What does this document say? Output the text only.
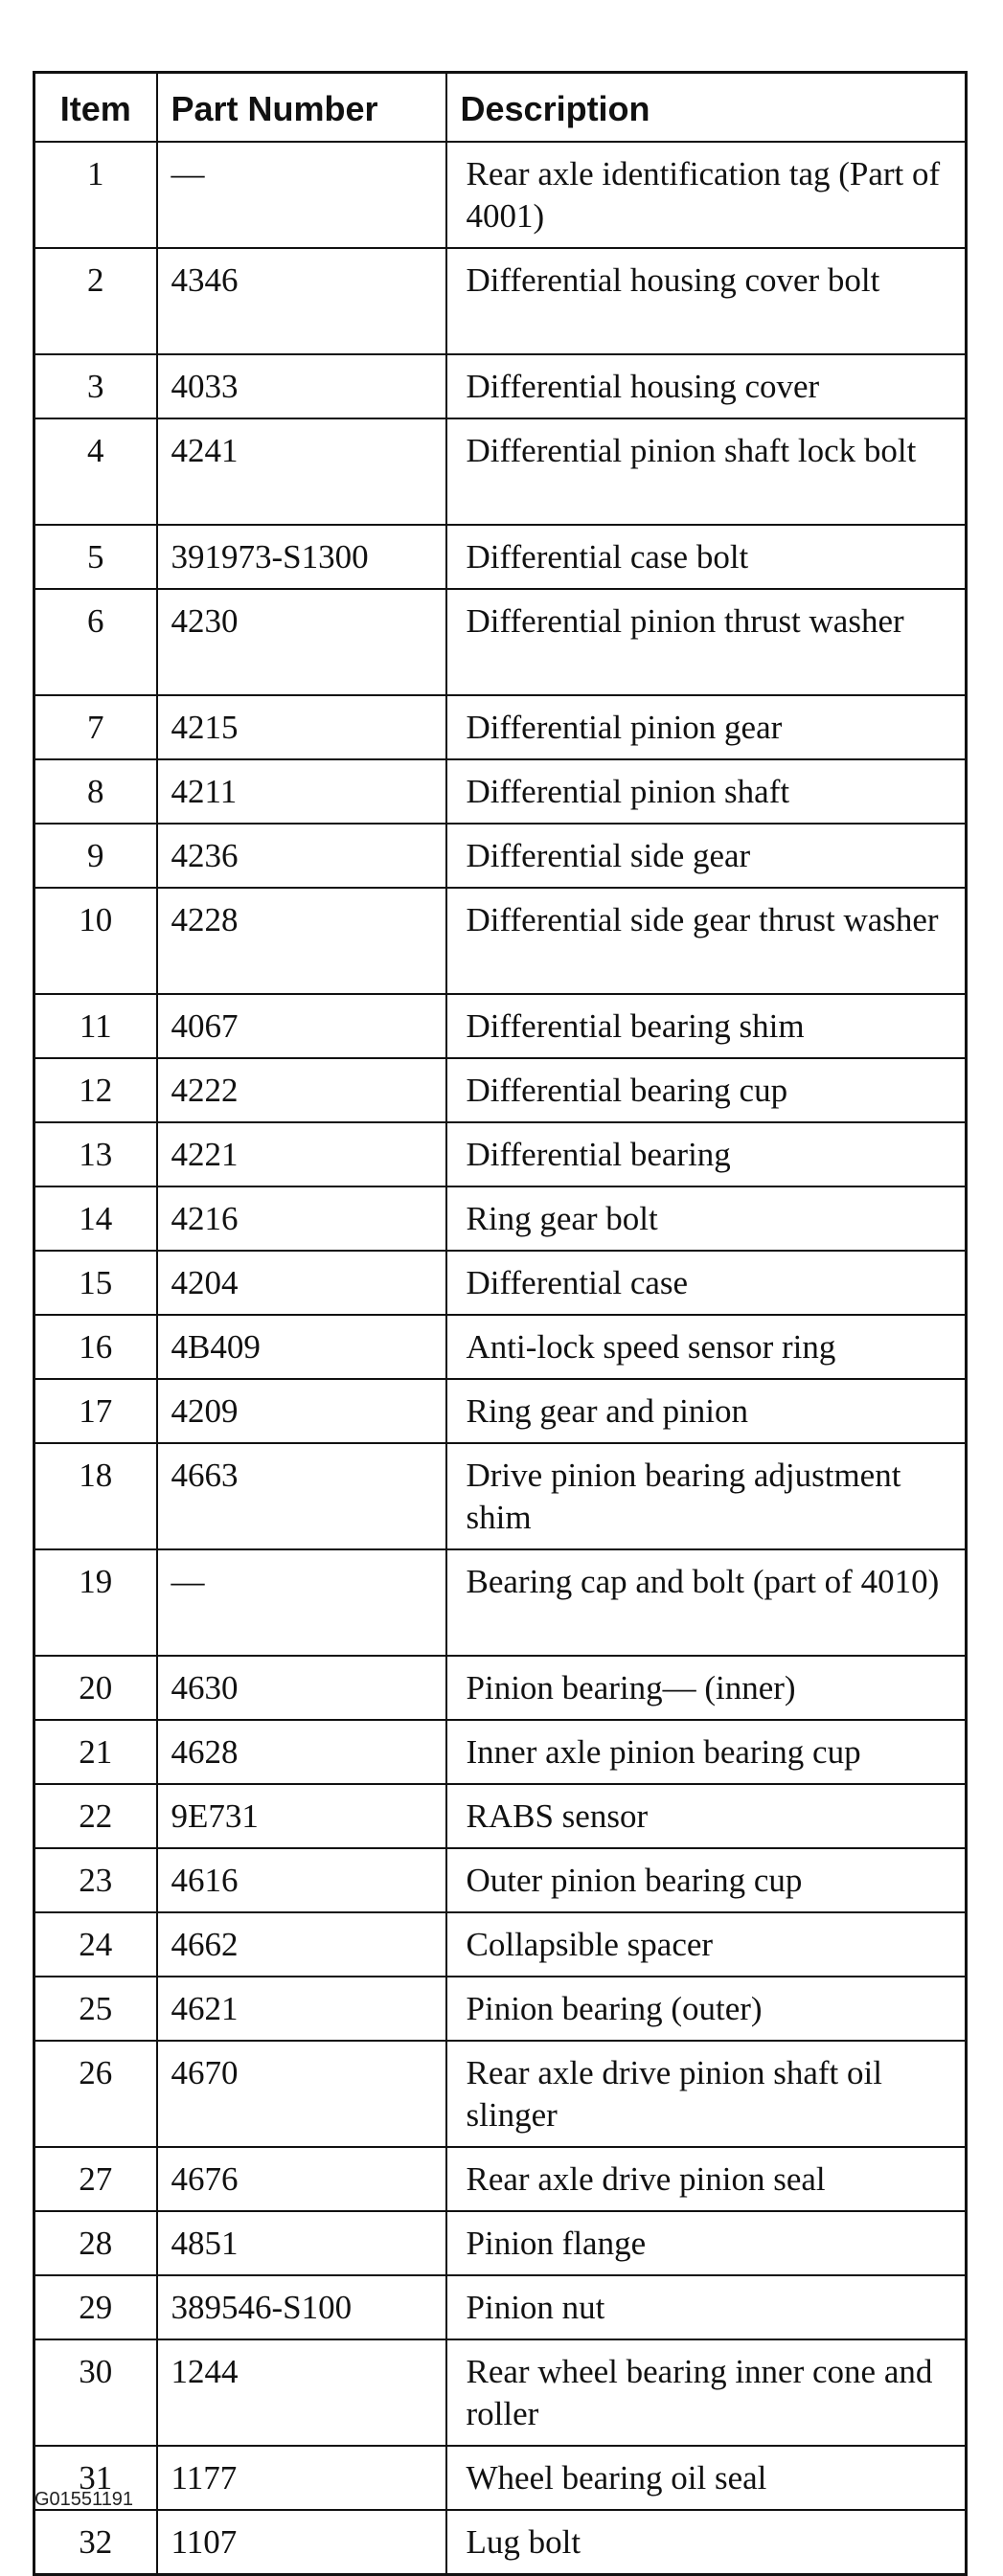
Item	Part Number	Description
1	—	Rear axle identification tag (Part of 4001)
2	4346	Differential housing cover bolt
3	4033	Differential housing cover
4	4241	Differential pinion shaft lock bolt
5	391973-S1300	Differential case bolt
6	4230	Differential pinion thrust washer
7	4215	Differential pinion gear
8	4211	Differential pinion shaft
9	4236	Differential side gear
10	4228	Differential side gear thrust washer
11	4067	Differential bearing shim
12	4222	Differential bearing cup
13	4221	Differential bearing
14	4216	Ring gear bolt
15	4204	Differential case
16	4B409	Anti-lock speed sensor ring
17	4209	Ring gear and pinion
18	4663	Drive pinion bearing adjustment shim
19	—	Bearing cap and bolt (part of 4010)
20	4630	Pinion bearing— (inner)
21	4628	Inner axle pinion bearing cup
22	9E731	RABS sensor
23	4616	Outer pinion bearing cup
24	4662	Collapsible spacer
25	4621	Pinion bearing (outer)
26	4670	Rear axle drive pinion shaft oil slinger
27	4676	Rear axle drive pinion seal
28	4851	Pinion flange
29	389546-S100	Pinion nut
30	1244	Rear wheel bearing inner cone and roller
31	1177	Wheel bearing oil seal
32	1107	Lug bolt
G01551191
